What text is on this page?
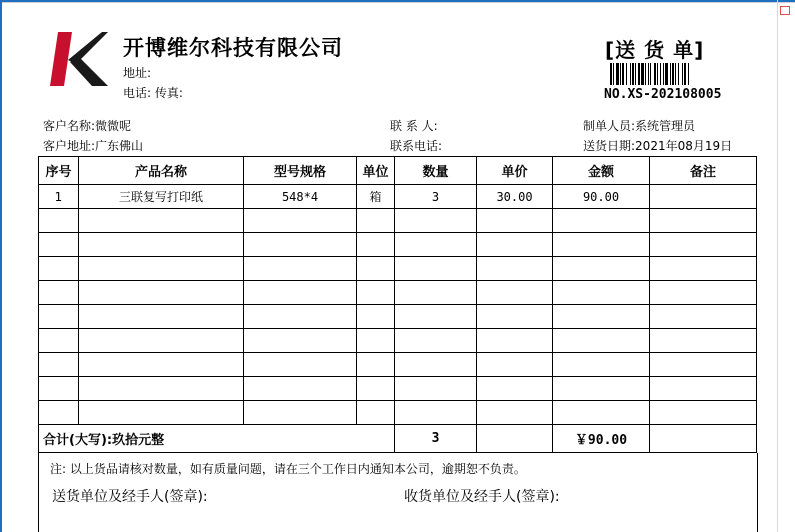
开博维尔科技有限公司
地址:
电话: 传真:
[送 货 单]
NO.XS-202108005
客户名称:微微呢
客户地址:广东佛山
联 系 人:
联系电话:
制单人员:系统管理员
送货日期:2021年08月19日
序号	产品名称	型号规格	单位	数量	单价	金额	备注
1	三联复写打印纸	548*4	箱	3	30.00	90.00	

合计(大写):玖拾元整				3		￥90.00	
注: 以上货品请核对数量，如有质量问题，请在三个工作日内通知本公司，逾期恕不负责。
送货单位及经手人(签章):	收货单位及经手人(签章):
